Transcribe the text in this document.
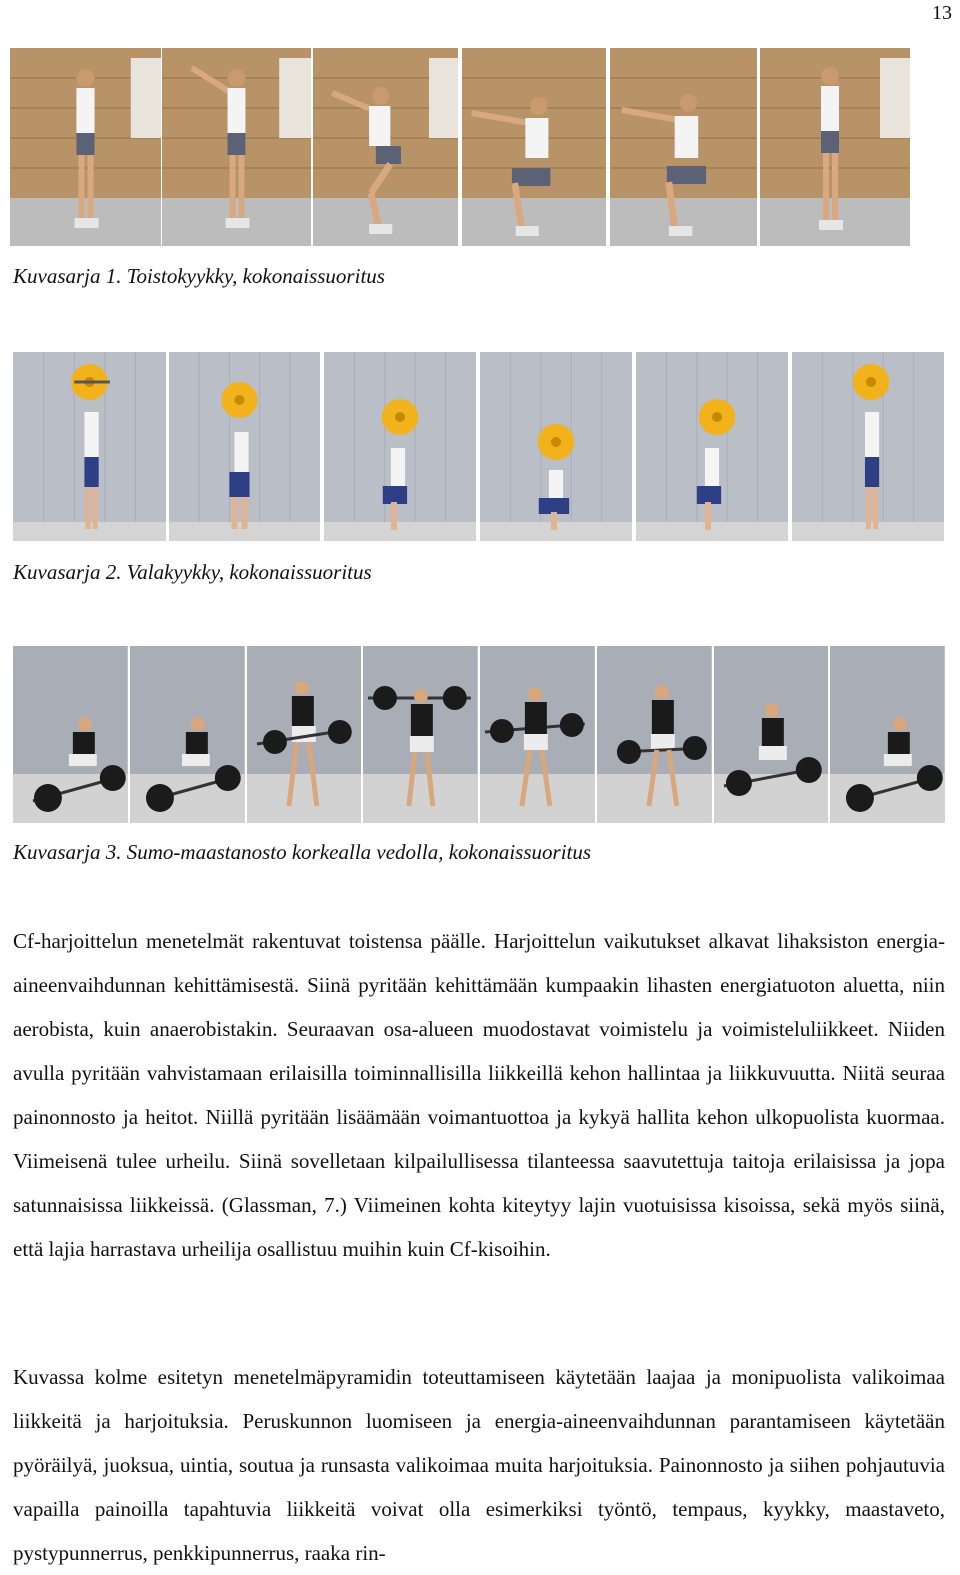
13

Kuvasarja 1. Toistokyykky, kokonaissuoritus

Kuvasarja 2. Valakyykky, kokonaissuoritus

Kuvasarja 3. Sumo-maastanosto korkealla vedolla, kokonaissuoritus

Cf-harjoittelun menetelmät rakentuvat toistensa päälle. Harjoittelun vaikutukset alkavat lihaksiston energia-aineenvaihdunnan kehittämisestä. Siinä pyritään kehittämään kumpaakin lihasten energiatuoton aluetta, niin aerobista, kuin anaerobistakin. Seuraavan osa-alueen muodostavat voimistelu ja voimisteluliikkeet. Niiden avulla pyritään vahvistamaan erilaisilla toiminnallisilla liikkeillä kehon hallintaa ja liikkuvuutta. Niitä seuraa painonnosto ja heitot. Niillä pyritään lisäämään voimantuottoa ja kykyä hallita kehon ulkopuolista kuormaa. Viimeisenä tulee urheilu. Siinä sovelletaan kilpailullisessa tilanteessa saavutettuja taitoja erilaisissa ja jopa satunnaisissa liikkeissä. (Glassman, 7.) Viimeinen kohta kiteytyy lajin vuotuisissa kisoissa, sekä myös siinä, että lajia harrastava urheilija osallistuu muihin kuin Cf-kisoihin.

Kuvassa kolme esitetyn menetelmäpyramidin toteuttamiseen käytetään laajaa ja monipuolista valikoimaa liikkeitä ja harjoituksia. Peruskunnon luomiseen ja energia-aineenvaihdunnan parantamiseen käytetään pyöräilyä, juoksua, uintia, soutua ja runsasta valikoimaa muita harjoituksia. Painonnosto ja siihen pohjautuvia vapailla painoilla tapahtuvia liikkeitä voivat olla esimerkiksi työntö, tempaus, kyykky, maastaveto, pystypunnerrus, penkkipunnerrus, raaka rin-
